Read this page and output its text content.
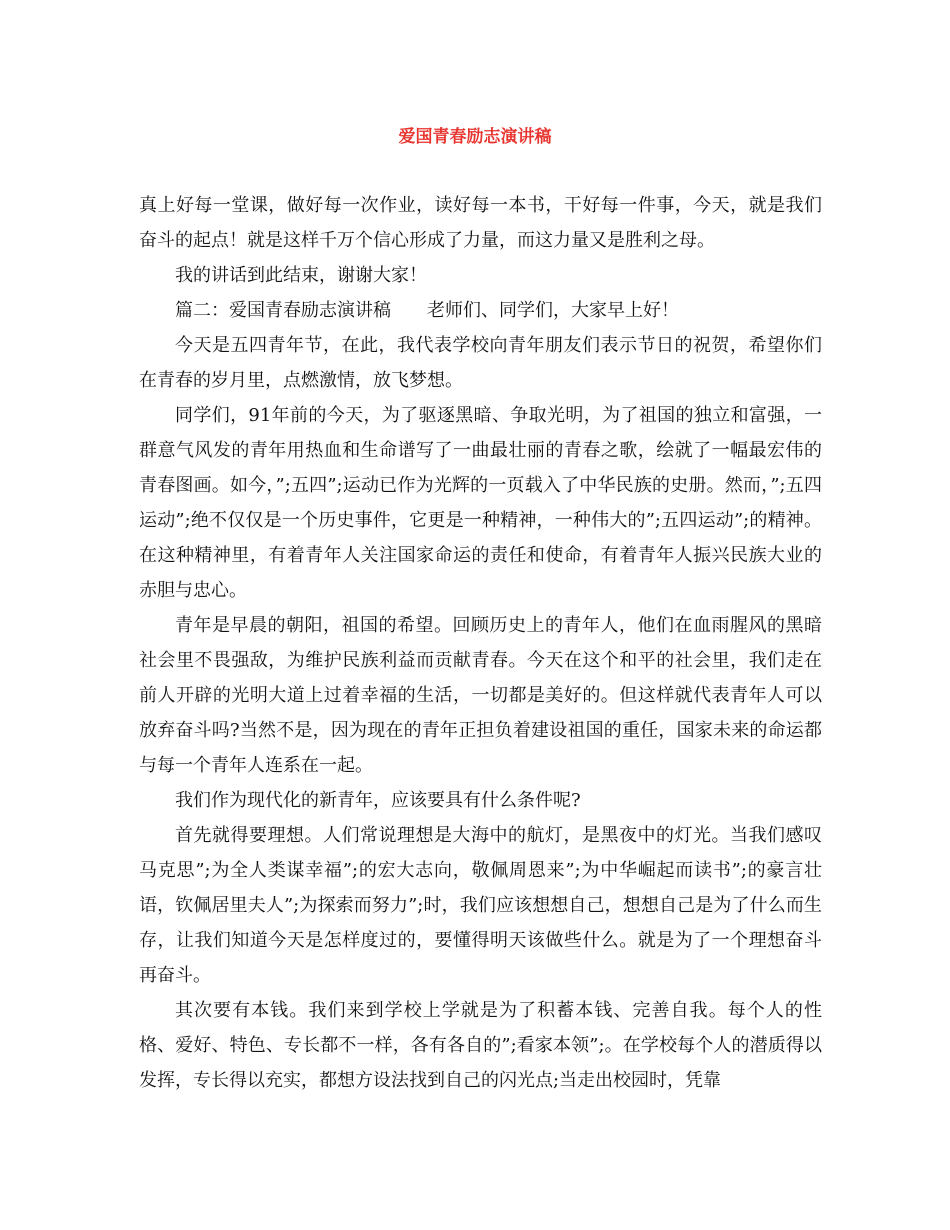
爱国青春励志演讲稿

真上好每一堂课，做好每一次作业，读好每一本书，干好每一件事，今天，就是我们奋斗的起点！就是这样千万个信心形成了力量，而这力量又是胜利之母。

我的讲话到此结束，谢谢大家！

篇二：爱国青春励志演讲稿　　老师们、同学们，大家早上好！

今天是五四青年节，在此，我代表学校向青年朋友们表示节日的祝贺，希望你们在青春的岁月里，点燃激情，放飞梦想。

同学们，91年前的今天，为了驱逐黑暗、争取光明，为了祖国的独立和富强，一群意气风发的青年用热血和生命谱写了一曲最壮丽的青春之歌，绘就了一幅最宏伟的青春图画。如今，”;五四”;运动已作为光辉的一页载入了中华民族的史册。然而，”;五四运动”;绝不仅仅是一个历史事件，它更是一种精神，一种伟大的”;五四运动”;的精神。在这种精神里，有着青年人关注国家命运的责任和使命，有着青年人振兴民族大业的赤胆与忠心。

青年是早晨的朝阳，祖国的希望。回顾历史上的青年人，他们在血雨腥风的黑暗社会里不畏强敌，为维护民族利益而贡献青春。今天在这个和平的社会里，我们走在前人开辟的光明大道上过着幸福的生活，一切都是美好的。但这样就代表青年人可以放弃奋斗吗?当然不是，因为现在的青年正担负着建设祖国的重任，国家未来的命运都与每一个青年人连系在一起。

我们作为现代化的新青年，应该要具有什么条件呢?

首先就得要理想。人们常说理想是大海中的航灯，是黑夜中的灯光。当我们感叹马克思”;为全人类谋幸福”;的宏大志向，敬佩周恩来”;为中华崛起而读书”;的豪言壮语，钦佩居里夫人”;为探索而努力”;时，我们应该想想自己，想想自己是为了什么而生存，让我们知道今天是怎样度过的，要懂得明天该做些什么。就是为了一个理想奋斗再奋斗。

其次要有本钱。我们来到学校上学就是为了积蓄本钱、完善自我。每个人的性格、爱好、特色、专长都不一样，各有各自的”;看家本领”;。在学校每个人的潜质得以发挥，专长得以充实，都想方设法找到自己的闪光点;当走出校园时，凭靠
